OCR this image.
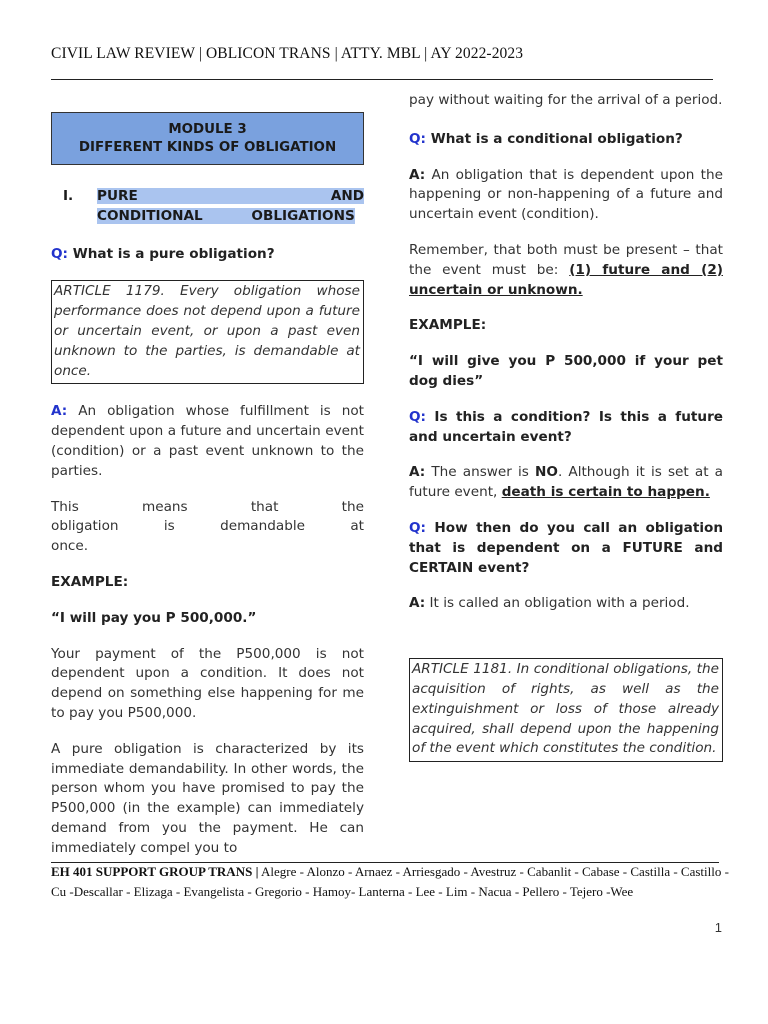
CIVIL LAW REVIEW | OBLICON TRANS | ATTY. MBL | AY 2022-2023
MODULE 3
DIFFERENT KINDS OF OBLIGATION
I.	PURE AND CONDITIONAL OBLIGATIONS

Q: What is a pure obligation?

ARTICLE 1179. Every obligation whose performance does not depend upon a future or uncertain event, or upon a past even unknown to the parties, is demandable at once.

A: An obligation whose fulfillment is not dependent upon a future and uncertain event (condition) or a past event unknown to the parties.

This means that the obligation is demandable at once.

EXAMPLE:

“I will pay you P 500,000.”

Your payment of the P500,000 is not dependent upon a condition. It does not depend on something else happening for me to pay you P500,000.

A pure obligation is characterized by its immediate demandability. In other words, the person whom you have promised to pay the P500,000 (in the example) can immediately demand from you the payment. He can immediately compel you to

pay without waiting for the arrival of a period.

Q: What is a conditional obligation?

A: An obligation that is dependent upon the happening or non-happening of a future and uncertain event (condition).

Remember, that both must be present – that the event must be: (1) future and (2) uncertain or unknown.

EXAMPLE:

“I will give you P 500,000 if your pet dog dies”

Q: Is this a condition? Is this a future and uncertain event?

A: The answer is NO. Although it is set at a future event, death is certain to happen.

Q: How then do you call an obligation that is dependent on a FUTURE and CERTAIN event?

A: It is called an obligation with a period.

ARTICLE 1181. In conditional obligations, the acquisition of rights, as well as the extinguishment or loss of those already acquired, shall depend upon the happening of the event which constitutes the condition.
EH 401 SUPPORT GROUP TRANS | Alegre - Alonzo - Arnaez - Arriesgado - Avestruz - Cabanlit - Cabase - Castilla - Castillo - Cu -Descallar - Elizaga - Evangelista - Gregorio - Hamoy- Lanterna - Lee - Lim - Nacua - Pellero - Tejero -Wee
1
